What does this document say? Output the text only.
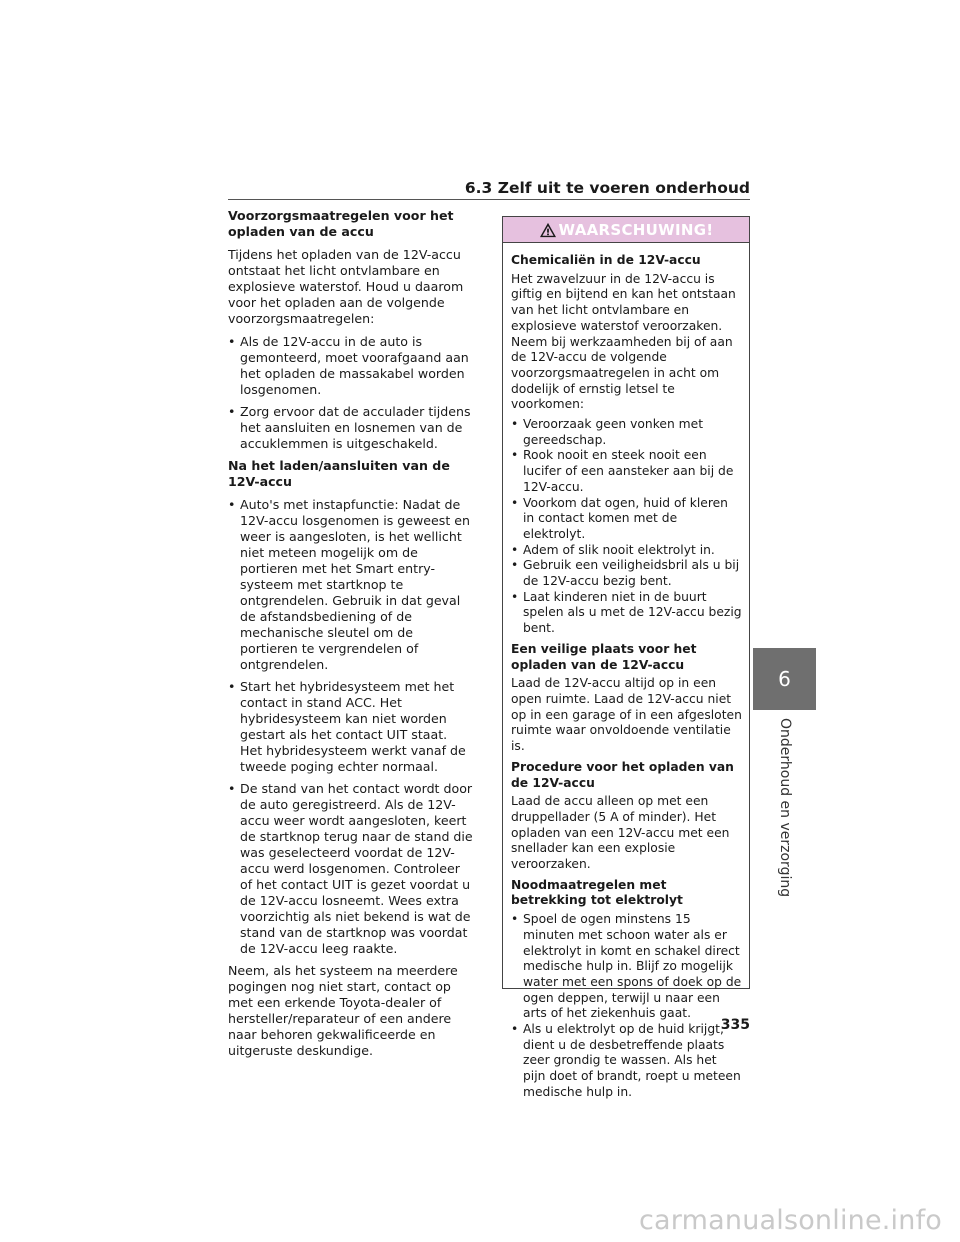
6.3 Zelf uit te voeren onderhoud
Voorzorgsmaatregelen voor het opladen van de accu
Tijdens het opladen van de 12V-accu ontstaat het licht ontvlambare en explosieve waterstof. Houd u daarom voor het opladen aan de volgende voorzorgsmaatregelen:
• Als de 12V-accu in de auto is gemonteerd, moet voorafgaand aan het opladen de massakabel worden losgenomen.
• Zorg ervoor dat de acculader tijdens het aansluiten en losnemen van de accuklemmen is uitgeschakeld.
Na het laden/aansluiten van de 12V-accu
• Auto's met instapfunctie: Nadat de 12V-accu losgenomen is geweest en weer is aangesloten, is het wellicht niet meteen mogelijk om de portieren met het Smart entry-systeem met startknop te ontgrendelen. Gebruik in dat geval de afstandsbediening of de mechanische sleutel om de portieren te vergrendelen of ontgrendelen.
• Start het hybridesysteem met het contact in stand ACC. Het hybridesysteem kan niet worden gestart als het contact UIT staat. Het hybridesysteem werkt vanaf de tweede poging echter normaal.
• De stand van het contact wordt door de auto geregistreerd. Als de 12V-accu weer wordt aangesloten, keert de startknop terug naar de stand die was geselecteerd voordat de 12V-accu werd losgenomen. Controleer of het contact UIT is gezet voordat u de 12V-accu losneemt. Wees extra voorzichtig als niet bekend is wat de stand van de startknop was voordat de 12V-accu leeg raakte.
Neem, als het systeem na meerdere pogingen nog niet start, contact op met een erkende Toyota-dealer of hersteller/reparateur of een andere naar behoren gekwalificeerde en uitgeruste deskundige.
WAARSCHUWING!
Chemicaliën in de 12V-accu
Het zwavelzuur in de 12V-accu is giftig en bijtend en kan het ontstaan van het licht ontvlambare en explosieve waterstof veroorzaken. Neem bij werkzaamheden bij of aan de 12V-accu de volgende voorzorgsmaatregelen in acht om dodelijk of ernstig letsel te voorkomen:
• Veroorzaak geen vonken met gereedschap.
• Rook nooit en steek nooit een lucifer of een aansteker aan bij de 12V-accu.
• Voorkom dat ogen, huid of kleren in contact komen met de elektrolyt.
• Adem of slik nooit elektrolyt in.
• Gebruik een veiligheidsbril als u bij de 12V-accu bezig bent.
• Laat kinderen niet in de buurt spelen als u met de 12V-accu bezig bent.
Een veilige plaats voor het opladen van de 12V-accu
Laad de 12V-accu altijd op in een open ruimte. Laad de 12V-accu niet op in een garage of in een afgesloten ruimte waar onvoldoende ventilatie is.
Procedure voor het opladen van de 12V-accu
Laad de accu alleen op met een druppellader (5 A of minder). Het opladen van een 12V-accu met een snellader kan een explosie veroorzaken.
Noodmaatregelen met betrekking tot elektrolyt
• Spoel de ogen minstens 15 minuten met schoon water als er elektrolyt in komt en schakel direct medische hulp in. Blijf zo mogelijk water met een spons of doek op de ogen deppen, terwijl u naar een arts of het ziekenhuis gaat.
• Als u elektrolyt op de huid krijgt, dient u de desbetreffende plaats zeer grondig te wassen. Als het pijn doet of brandt, roept u meteen medische hulp in.
6
Onderhoud en verzorging
335
carmanualsonline.info
